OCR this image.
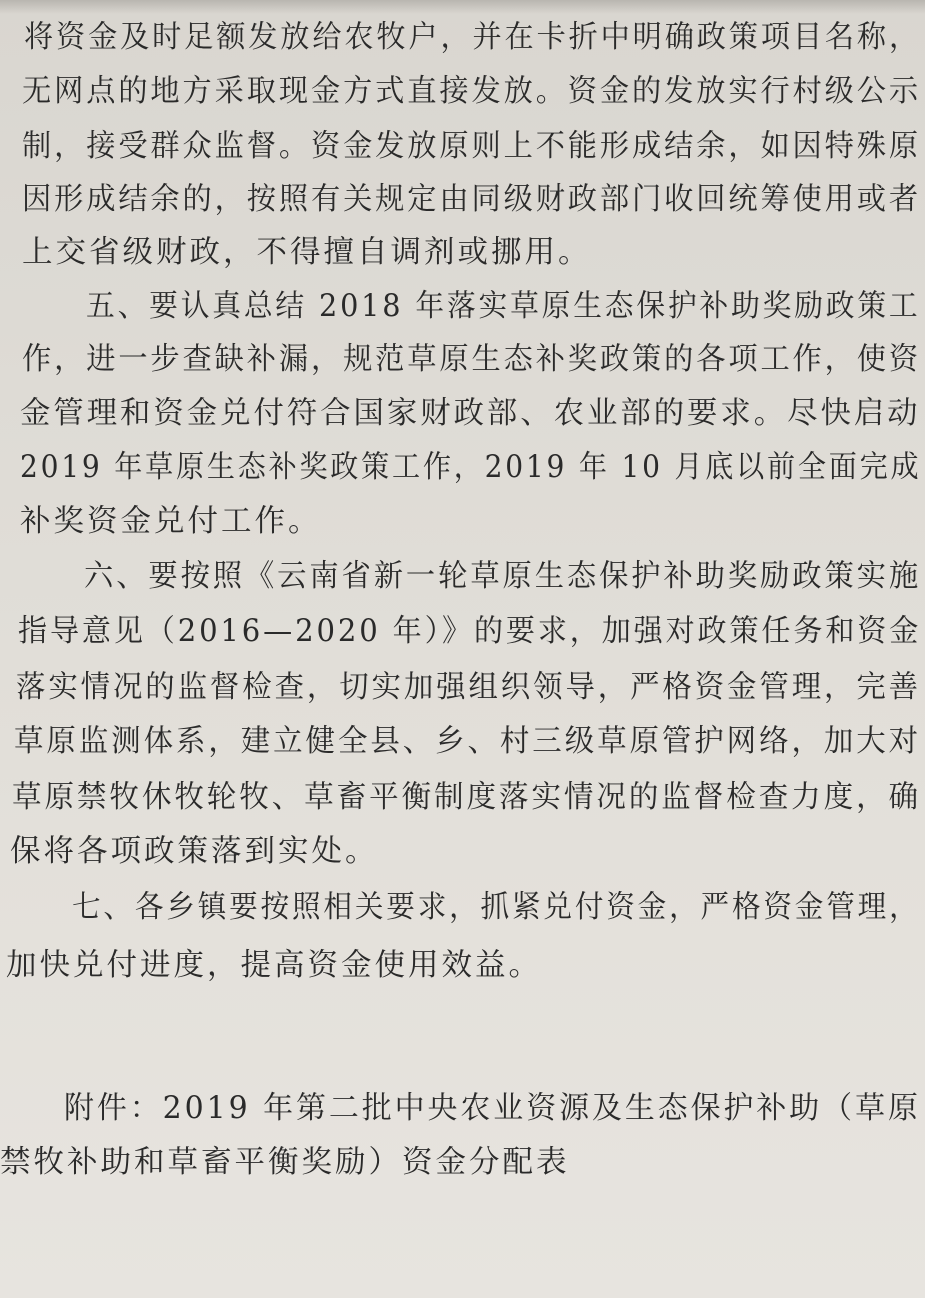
将资金及时足额发放给农牧户，并在卡折中明确政策项目名称，
无网点的地方采取现金方式直接发放。资金的发放实行村级公示
制，接受群众监督。资金发放原则上不能形成结余，如因特殊原
因形成结余的，按照有关规定由同级财政部门收回统筹使用或者
上交省级财政，不得擅自调剂或挪用。
五、要认真总结 2018 年落实草原生态保护补助奖励政策工
作，进一步查缺补漏，规范草原生态补奖政策的各项工作，使资
金管理和资金兑付符合国家财政部、农业部的要求。尽快启动
2019 年草原生态补奖政策工作，2019 年 10 月底以前全面完成
补奖资金兑付工作。
六、要按照《云南省新一轮草原生态保护补助奖励政策实施
指导意见（2016—2020 年）》的要求，加强对政策任务和资金
落实情况的监督检查，切实加强组织领导，严格资金管理，完善
草原监测体系，建立健全县、乡、村三级草原管护网络，加大对
草原禁牧休牧轮牧、草畜平衡制度落实情况的监督检查力度，确
保将各项政策落到实处。
七、各乡镇要按照相关要求，抓紧兑付资金，严格资金管理，
加快兑付进度，提高资金使用效益。
附件：2019 年第二批中央农业资源及生态保护补助（草原
禁牧补助和草畜平衡奖励）资金分配表
